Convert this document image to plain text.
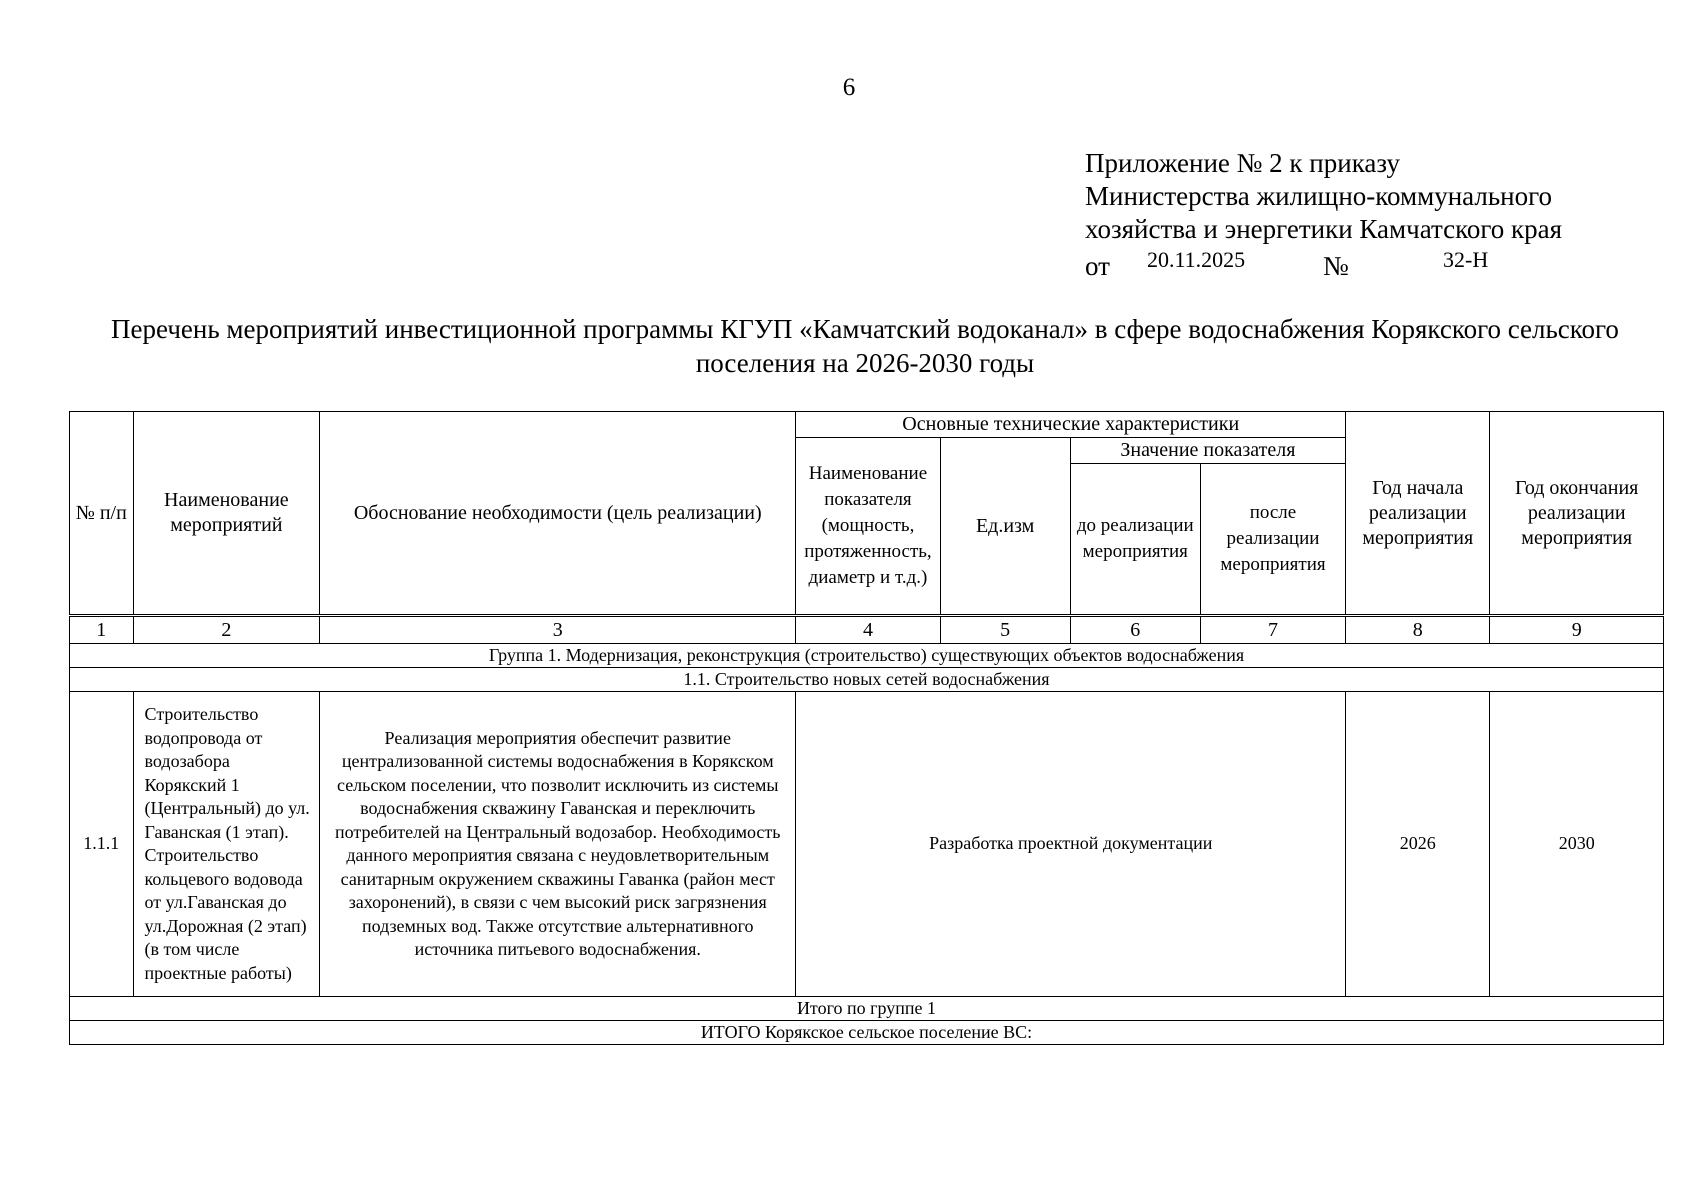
6
Приложение № 2 к приказу
Министерства жилищно-коммунального
хозяйства и энергетики Камчатского края
от 20.11.2025	№	32-Н
Перечень мероприятий инвестиционной программы КГУП «Камчатский водоканал» в сфере водоснабжения Корякского сельского
поселения на 2026-2030 годы
№ п/п	Наименование мероприятий	Обоснование необходимости (цель реализации)	Основные технические характеристики				Год начала реализации мероприятия	Год окончания реализации мероприятия
			Наименование показателя (мощность, протяженность, диаметр и т.д.)	Ед.изм	Значение показателя			
					до реализации мероприятия	после реализации мероприятия		
1	2	3	4	5	6	7	8	9
Группа 1. Модернизация, реконструкция (строительство) существующих объектов водоснабжения								
1.1. Строительство новых сетей водоснабжения								
1.1.1	Строительство водопровода от водозабора Корякский 1 (Центральный) до ул. Гаванская (1 этап). Строительство кольцевого водовода от ул.Гаванская до ул.Дорожная (2 этап) (в том числе проектные работы)	Реализация мероприятия обеспечит развитие централизованной системы водоснабжения в Корякском сельском поселении, что позволит исключить из системы водоснабжения скважину Гаванская и переключить потребителей на Центральный водозабор. Необходимость данного мероприятия связана с неудовлетворительным санитарным окружением скважины Гаванка (район мест захоронений), в связи с чем высокий риск загрязнения подземных вод. Также отсутствие альтернативного источника питьевого водоснабжения.	Разработка проектной документации				2026	2030
Итого по группе 1								
ИТОГО Корякское сельское поселение ВС:								
